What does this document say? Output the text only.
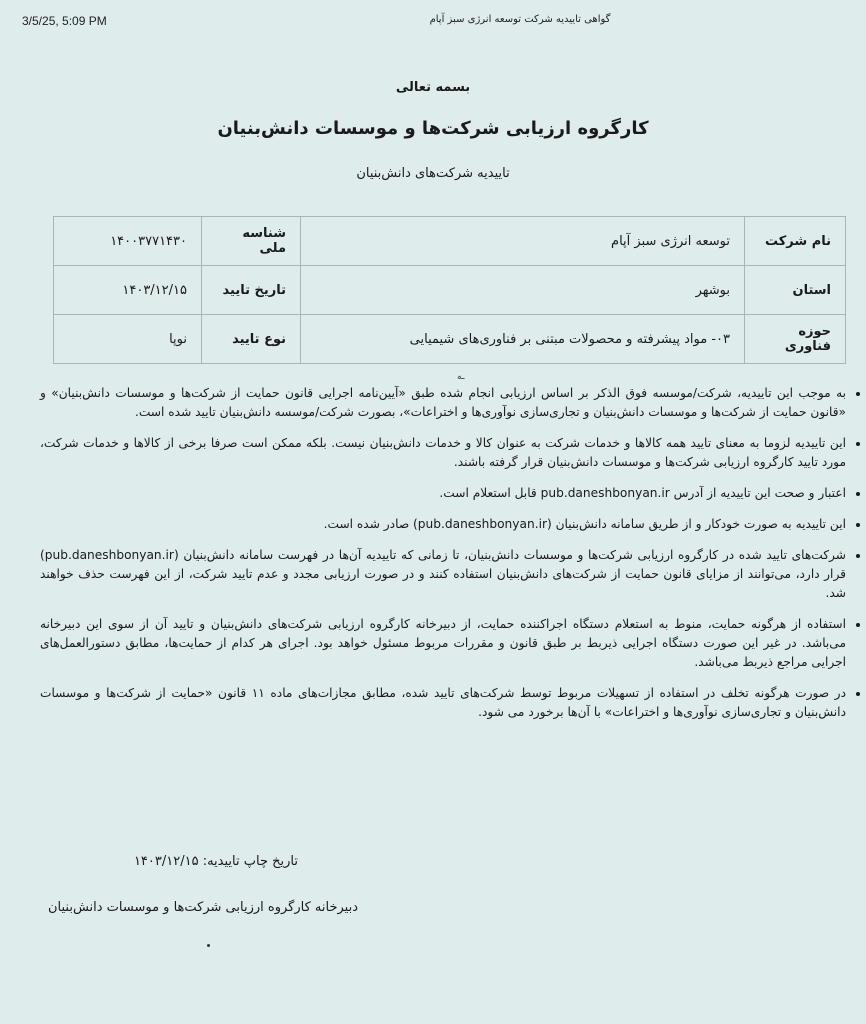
3/5/25, 5:09 PM	گواهی تاییدیه شرکت توسعه انرژی سبز آپام
بسمه تعالی
کارگروه ارزیابی شرکت‌ها و موسسات دانش‌بنیان
تاییدیه شرکت‌های دانش‌بنیان
نام شرکت	توسعه انرژی سبز آپام	شناسه ملی	۱۴۰۰۳۷۷۱۴۳۰
استان	بوشهر	تاریخ تایید	۱۴۰۳/۱۲/۱۵
حوزه فناوری	۰۳- مواد پیشرفته و محصولات مبتنی بر فناوری‌های شیمیایی	نوع تایید	نوپا
ـه
• به موجب این تاییدیه، شرکت/موسسه فوق الذکر بر اساس ارزیابی انجام شده طبق «آیین‌نامه اجرایی قانون حمایت از شرکت‌ها و موسسات دانش‌بنیان» و «قانون حمایت از شرکت‌ها و موسسات دانش‌بنیان و تجاری‌سازی نوآوری‌ها و اختراعات»، بصورت شرکت/موسسه دانش‌بنیان تایید شده است.
• این تاییدیه لزوما به معنای تایید همه کالاها و خدمات شرکت به عنوان کالا و خدمات دانش‌بنیان نیست. بلکه ممکن است صرفا برخی از کالاها و خدمات شرکت، مورد تایید کارگروه ارزیابی شرکت‌ها و موسسات دانش‌بنیان قرار گرفته باشند.
• اعتبار و صحت این تاییدیه از آدرس pub.daneshbonyan.ir قابل استعلام است.
• این تاییدیه به صورت خودکار و از طریق سامانه دانش‌بنیان (pub.daneshbonyan.ir) صادر شده است.
• شرکت‌های تایید شده در کارگروه ارزیابی شرکت‌ها و موسسات دانش‌بنیان، تا زمانی که تاییدیه آن‌ها در فهرست سامانه دانش‌بنیان (pub.daneshbonyan.ir) قرار دارد، می‌توانند از مزایای قانون حمایت از شرکت‌های دانش‌بنیان استفاده کنند و در صورت ارزیابی مجدد و عدم تایید شرکت، از این فهرست حذف خواهند شد.
• استفاده از هرگونه حمایت، منوط به استعلام دستگاه اجراکننده حمایت، از دبیرخانه کارگروه ارزیابی شرکت‌های دانش‌بنیان و تایید آن از سوی این دبیرخانه می‌باشد. در غیر این صورت دستگاه اجرایی ذیربط بر طبق قانون و مقررات مربوط مسئول خواهد بود. اجرای هر کدام از حمایت‌ها، مطابق دستورالعمل‌های اجرایی مراجع ذیربط می‌باشد.
• در صورت هرگونه تخلف در استفاده از تسهیلات مربوط توسط شرکت‌های تایید شده، مطابق مجازات‌های ماده ۱۱ قانون «حمایت از شرکت‌ها و موسسات دانش‌بنیان و تجاری‌سازی نوآوری‌ها و اختراعات» با آن‌ها برخورد می شود.
تاریخ چاپ تاییدیه: ۱۴۰۳/۱۲/۱۵
دبیرخانه کارگروه ارزیابی شرکت‌ها و موسسات دانش‌بنیان
